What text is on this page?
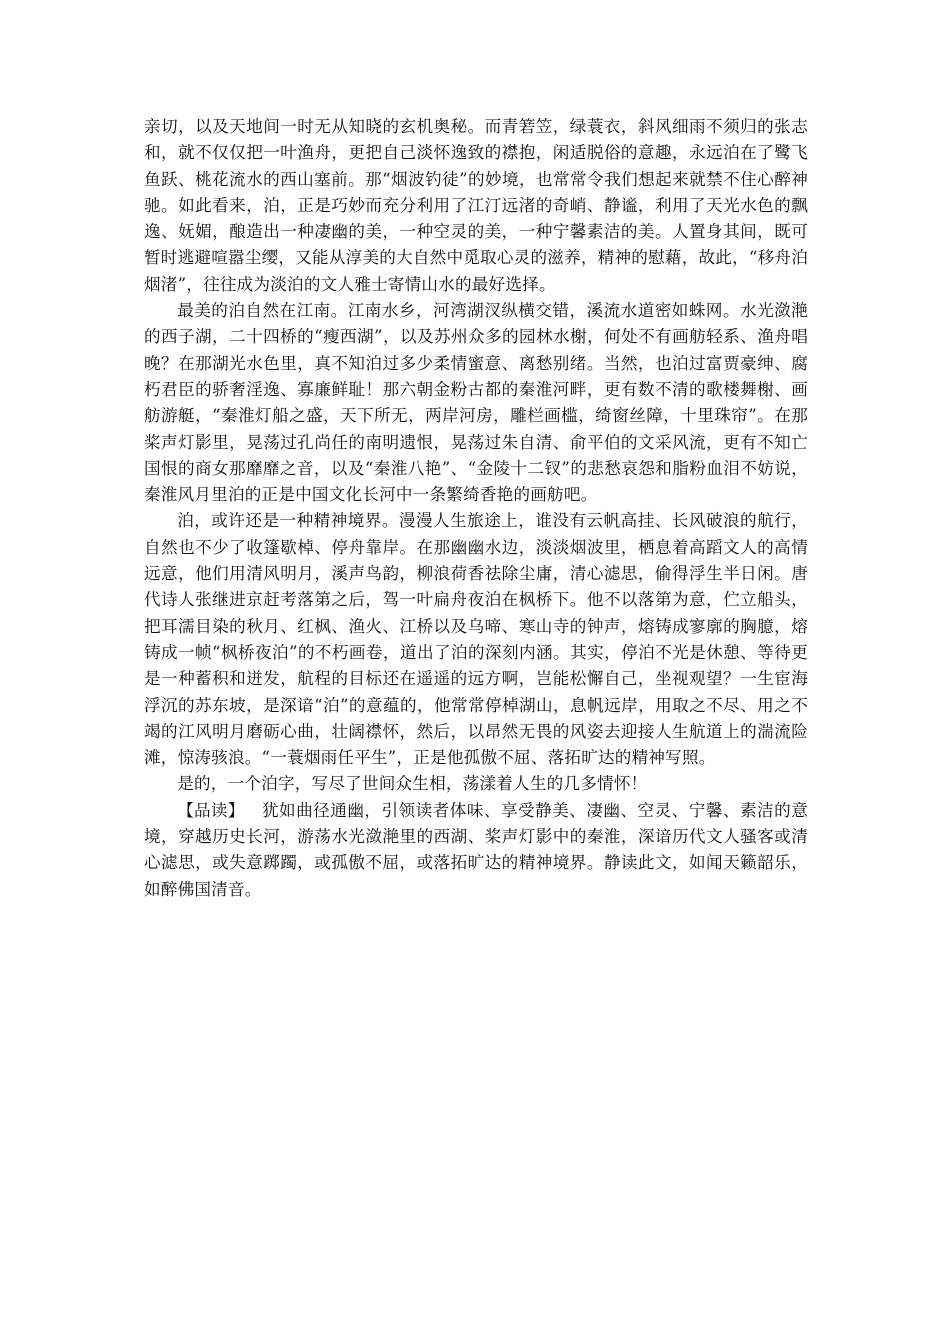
亲切，以及天地间一时无从知晓的玄机奥秘。而青箬笠，绿蓑衣，斜风细雨不须归的张志和，就不仅仅把一叶渔舟，更把自己淡怀逸致的襟抱，闲适脱俗的意趣，永远泊在了鹭飞鱼跃、桃花流水的西山塞前。那“烟波钓徒”的妙境，也常常令我们想起来就禁不住心醉神驰。如此看来，泊，正是巧妙而充分利用了江汀远渚的奇峭、静谧，利用了天光水色的飘逸、妩媚，酿造出一种凄幽的美，一种空灵的美，一种宁馨素洁的美。人置身其间，既可暂时逃避喧嚣尘缨，又能从淳美的大自然中觅取心灵的滋养，精神的慰藉，故此，“移舟泊烟渚”，往往成为淡泊的文人雅士寄情山水的最好选择。

最美的泊自然在江南。江南水乡，河湾湖汊纵横交错，溪流水道密如蛛网。水光潋滟的西子湖，二十四桥的“瘦西湖”，以及苏州众多的园林水榭，何处不有画舫轻系、渔舟唱晚？在那湖光水色里，真不知泊过多少柔情蜜意、离愁别绪。当然，也泊过富贾豪绅、腐朽君臣的骄奢淫逸、寡廉鲜耻！那六朝金粉古都的秦淮河畔，更有数不清的歌楼舞榭、画舫游艇，“秦淮灯船之盛，天下所无，两岸河房，雕栏画槛，绮窗丝障，十里珠帘”。在那桨声灯影里，晃荡过孔尚任的南明遗恨，晃荡过朱自清、俞平伯的文采风流，更有不知亡国恨的商女那靡靡之音，以及“秦淮八艳”、“金陵十二钗”的悲愁哀怨和脂粉血泪不妨说，秦淮风月里泊的正是中国文化长河中一条繁绮香艳的画舫吧。

泊，或许还是一种精神境界。漫漫人生旅途上，谁没有云帆高挂、长风破浪的航行，自然也不少了收篷歇棹、停舟靠岸。在那幽幽水边，淡淡烟波里，栖息着高蹈文人的高情远意，他们用清风明月，溪声鸟韵，柳浪荷香祛除尘庸，清心滤思，偷得浮生半日闲。唐代诗人张继进京赶考落第之后，驾一叶扁舟夜泊在枫桥下。他不以落第为意，伫立船头，把耳濡目染的秋月、红枫、渔火、江桥以及乌啼、寒山寺的钟声，熔铸成寥廓的胸臆，熔铸成一帧“枫桥夜泊”的不朽画卷，道出了泊的深刻内涵。其实，停泊不光是休憩、等待更是一种蓄积和迸发，航程的目标还在遥遥的远方啊，岂能松懈自己，坐视观望？一生宦海浮沉的苏东坡，是深谙“泊”的意蕴的，他常常停棹湖山，息帆远岸，用取之不尽、用之不竭的江风明月磨砺心曲，壮阔襟怀，然后，以昂然无畏的风姿去迎接人生航道上的湍流险滩，惊涛骇浪。“一蓑烟雨任平生”，正是他孤傲不屈、落拓旷达的精神写照。

是的，一个泊字，写尽了世间众生相，荡漾着人生的几多情怀！

【品读】 犹如曲径通幽，引领读者体味、享受静美、凄幽、空灵、宁馨、素洁的意境，穿越历史长河，游荡水光潋滟里的西湖、桨声灯影中的秦淮，深谙历代文人骚客或清心滤思，或失意踯躅，或孤傲不屈，或落拓旷达的精神境界。静读此文，如闻天籁韶乐，如醉佛国清音。
